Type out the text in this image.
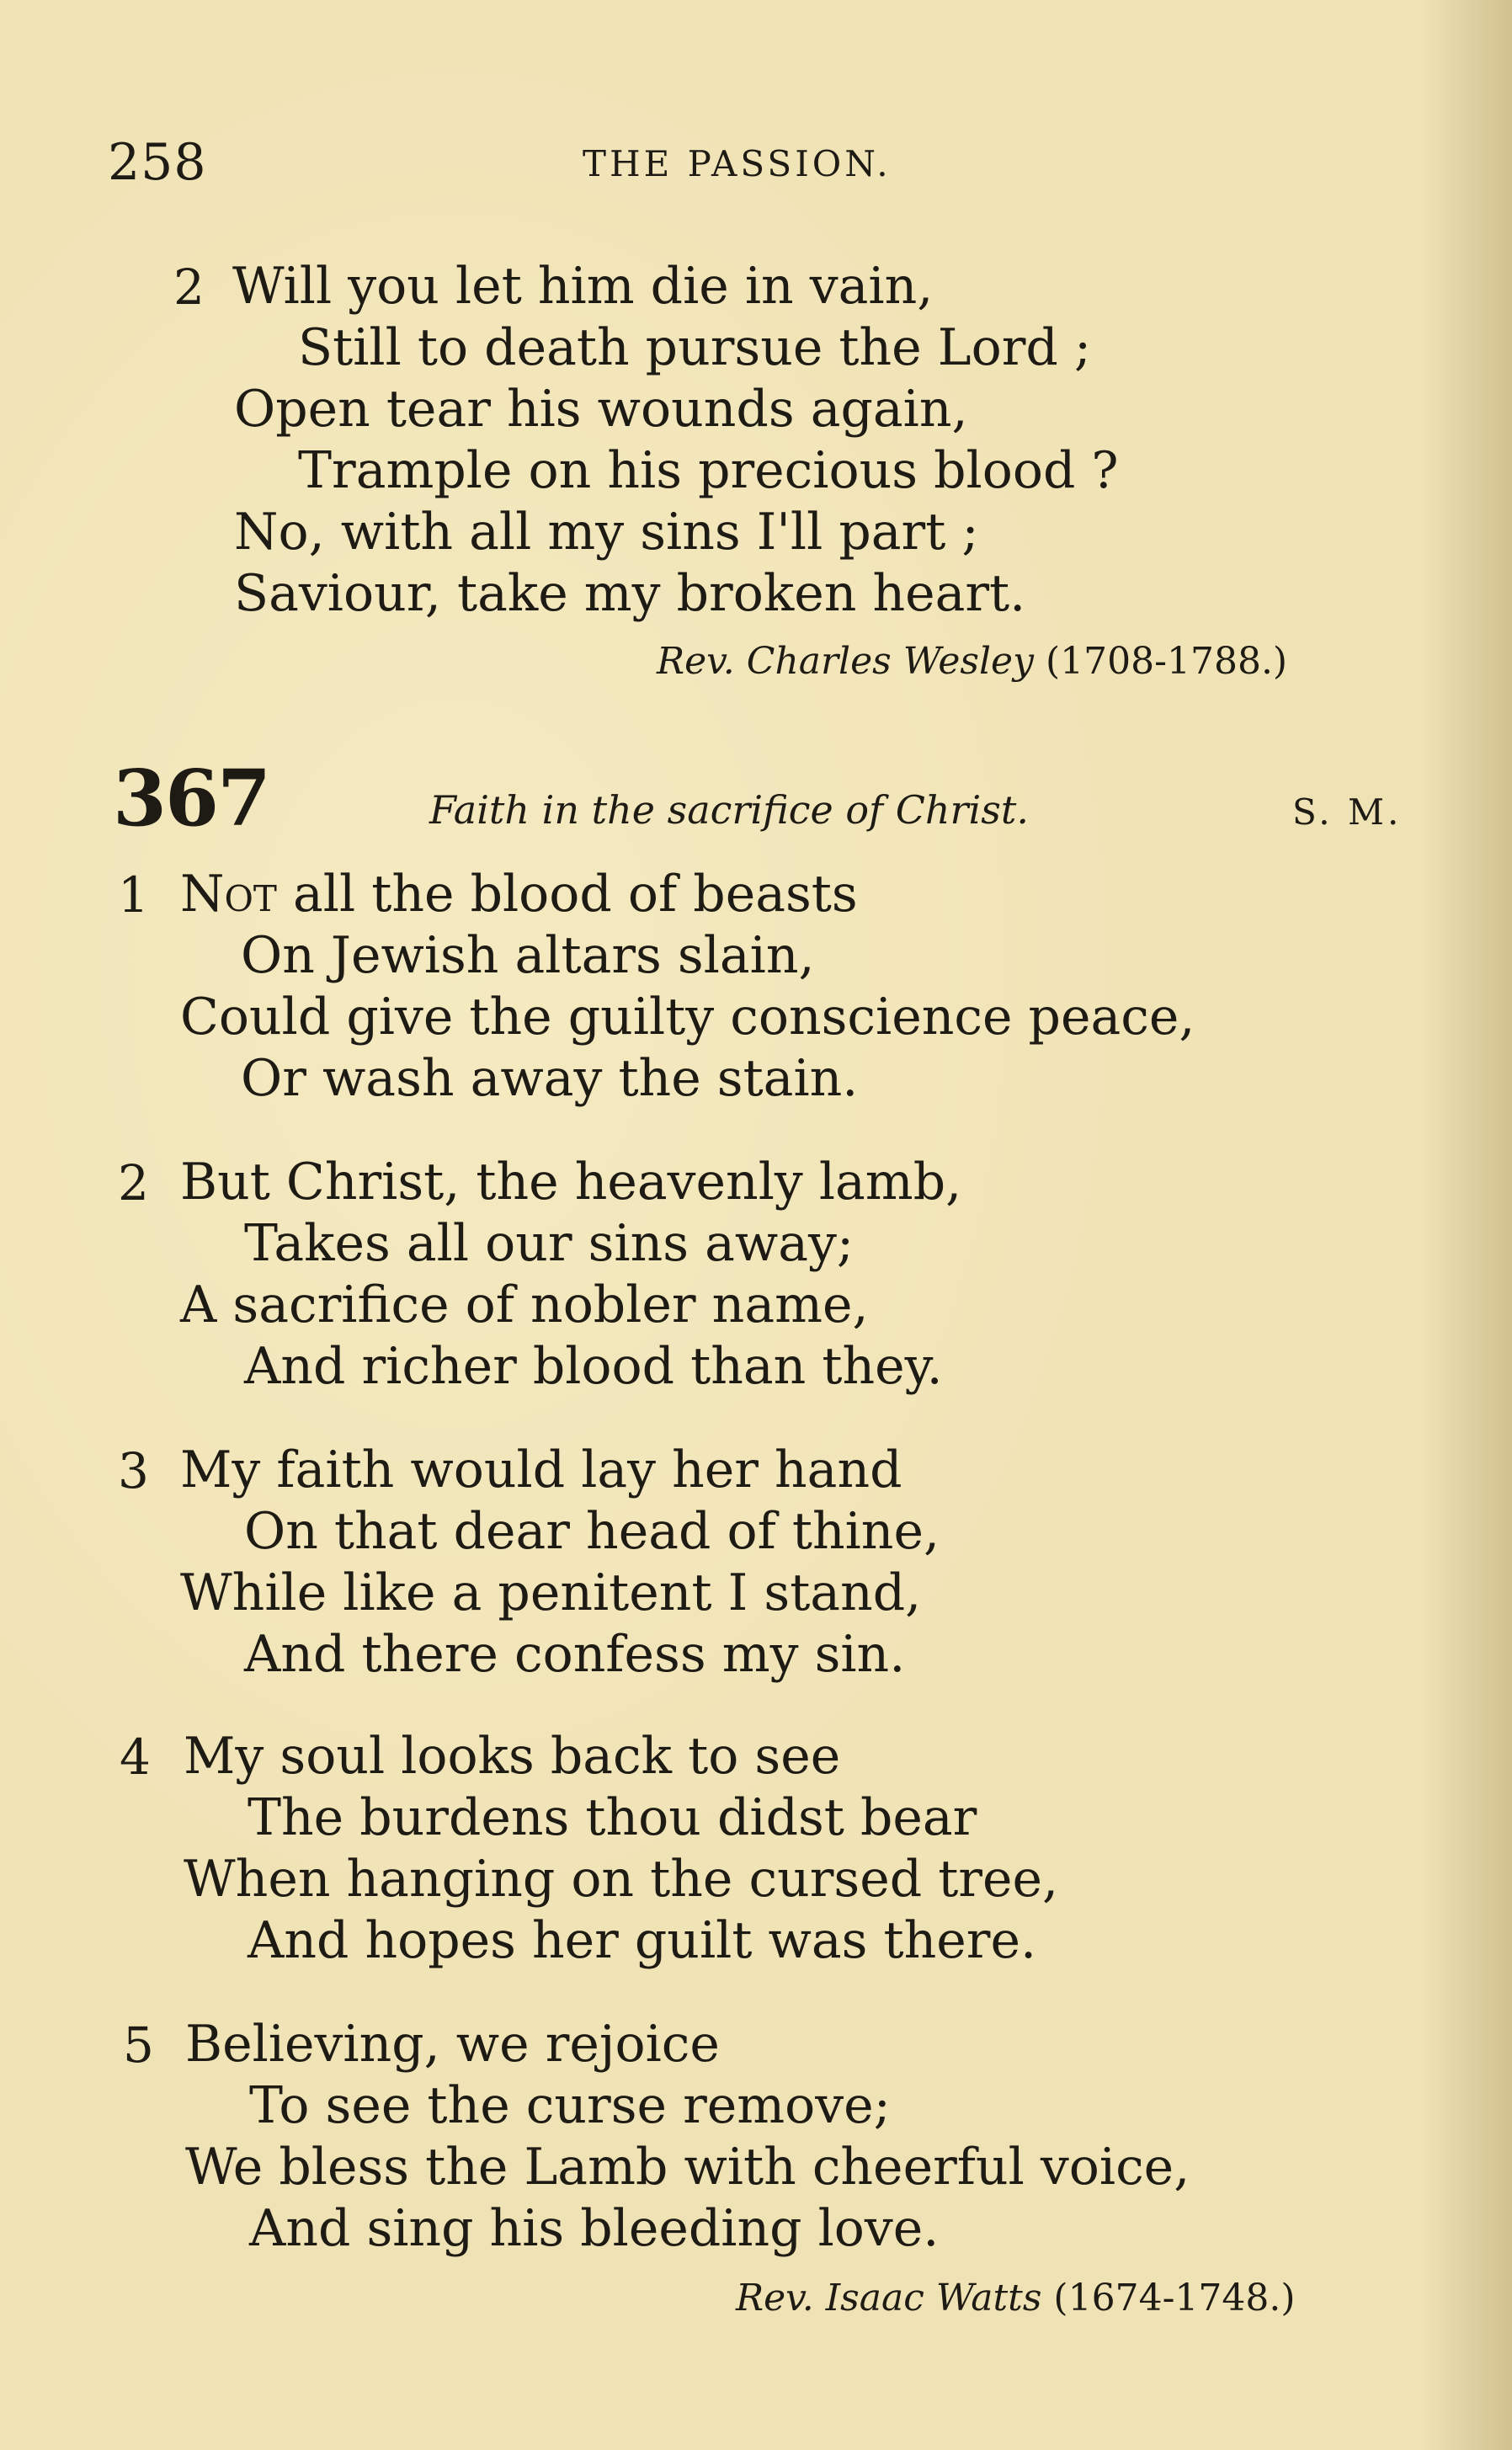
258	THE PASSION.
2 Will you let him die in vain,
Still to death pursue the Lord ;
Open tear his wounds again,
Trample on his precious blood ?
No, with all my sins I'll part ;
Saviour, take my broken heart.
Rev. Charles Wesley (1708-1788.)
367	Faith in the sacrifice of Christ.	S. M.
1 Not all the blood of beasts
On Jewish altars slain,
Could give the guilty conscience peace,
Or wash away the stain.
2 But Christ, the heavenly lamb,
Takes all our sins away;
A sacrifice of nobler name,
And richer blood than they.
3 My faith would lay her hand
On that dear head of thine,
While like a penitent I stand,
And there confess my sin.
4 My soul looks back to see
The burdens thou didst bear
When hanging on the cursed tree,
And hopes her guilt was there.
5 Believing, we rejoice
To see the curse remove;
We bless the Lamb with cheerful voice,
And sing his bleeding love.
Rev. Isaac Watts (1674-1748.)
